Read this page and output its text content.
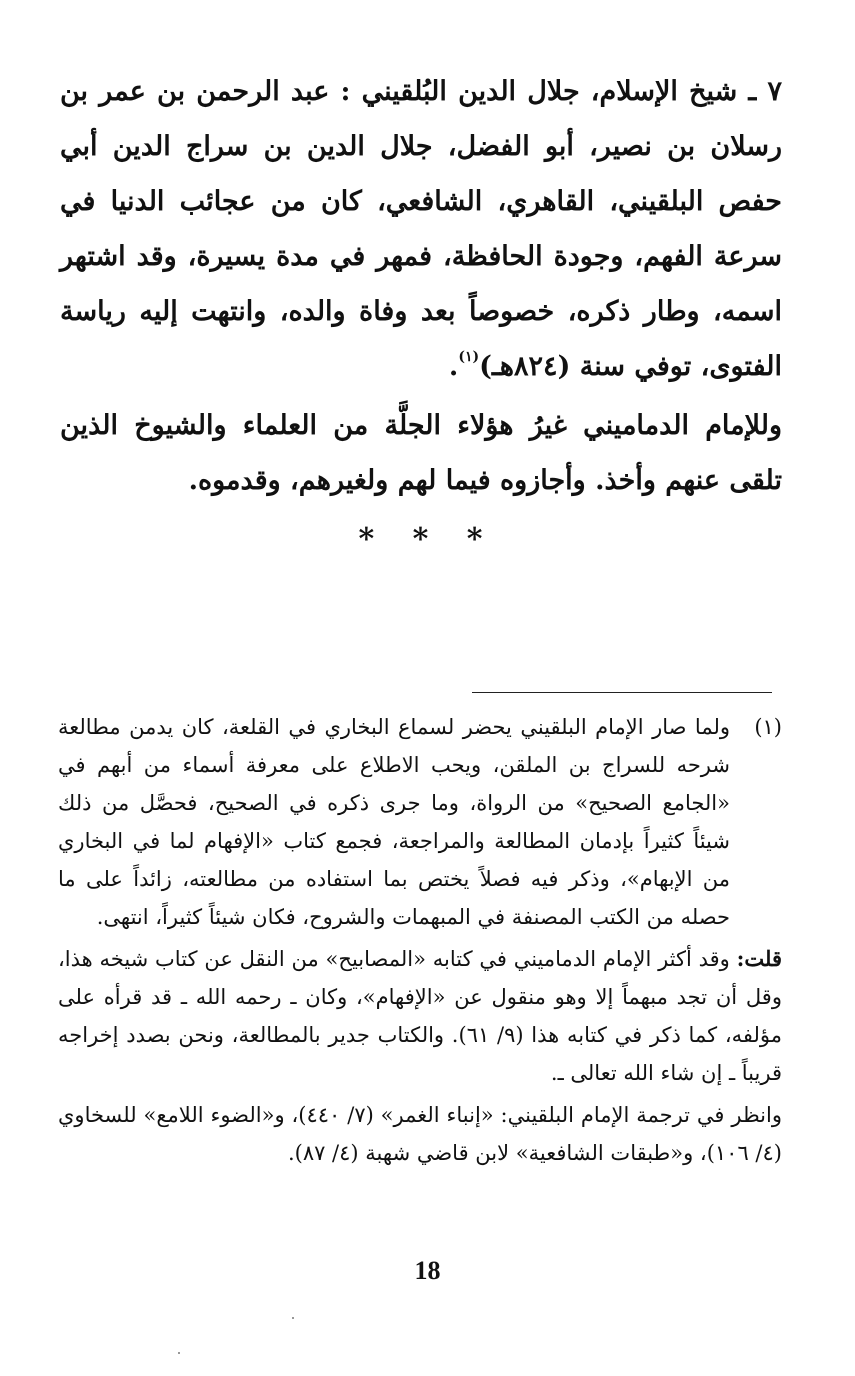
٧ ـ شيخ الإسلام، جلال الدين البُلقيني : عبد الرحمن بن عمر بن رسلان بن نصير، أبو الفضل، جلال الدين بن سراج الدين أبي حفص البلقيني، القاهري، الشافعي، كان من عجائب الدنيا في سرعة الفهم، وجودة الحافظة، فمهر في مدة يسيرة، وقد اشتهر اسمه، وطار ذكره، خصوصاً بعد وفاة والده، وانتهت إليه رياسة الفتوى، توفي سنة (٨٢٤هـ)$^{(١)}$.

وللإمام الدماميني غيرُ هؤلاء الجلَّة من العلماء والشيوخ الذين تلقى عنهم وأخذ. وأجازوه فيما لهم ولغيرهم، وقدموه.

* * *
(١)
ولما صار الإمام البلقيني يحضر لسماع البخاري في القلعة، كان يدمن مطالعة شرحه للسراج بن الملقن، ويحب الاطلاع على معرفة أسماء من أبهم في «الجامع الصحيح» من الرواة، وما جرى ذكره في الصحيح، فحصَّل من ذلك شيئاً كثيراً بإدمان المطالعة والمراجعة، فجمع كتاب «الإفهام لما في البخاري من الإبهام»، وذكر فيه فصلاً يختص بما استفاده من مطالعته، زائداً على ما حصله من الكتب المصنفة في المبهمات والشروح، فكان شيئاً كثيراً، انتهى.

قلت: وقد أكثر الإمام الدماميني في كتابه «المصابيح» من النقل عن كتاب شيخه هذا، وقل أن تجد مبهماً إلا وهو منقول عن «الإفهام»، وكان ـ رحمه الله ـ قد قرأه على مؤلفه، كما ذكر في كتابه هذا (٩/ ٦١). والكتاب جدير بالمطالعة، ونحن بصدد إخراجه قريباً ـ إن شاء الله تعالى ـ.

وانظر في ترجمة الإمام البلقيني: «إنباء الغمر» (٧/ ٤٤٠)، و«الضوء اللامع» للسخاوي (٤/ ١٠٦)، و«طبقات الشافعية» لابن قاضي شهبة (٤/ ٨٧).

18
